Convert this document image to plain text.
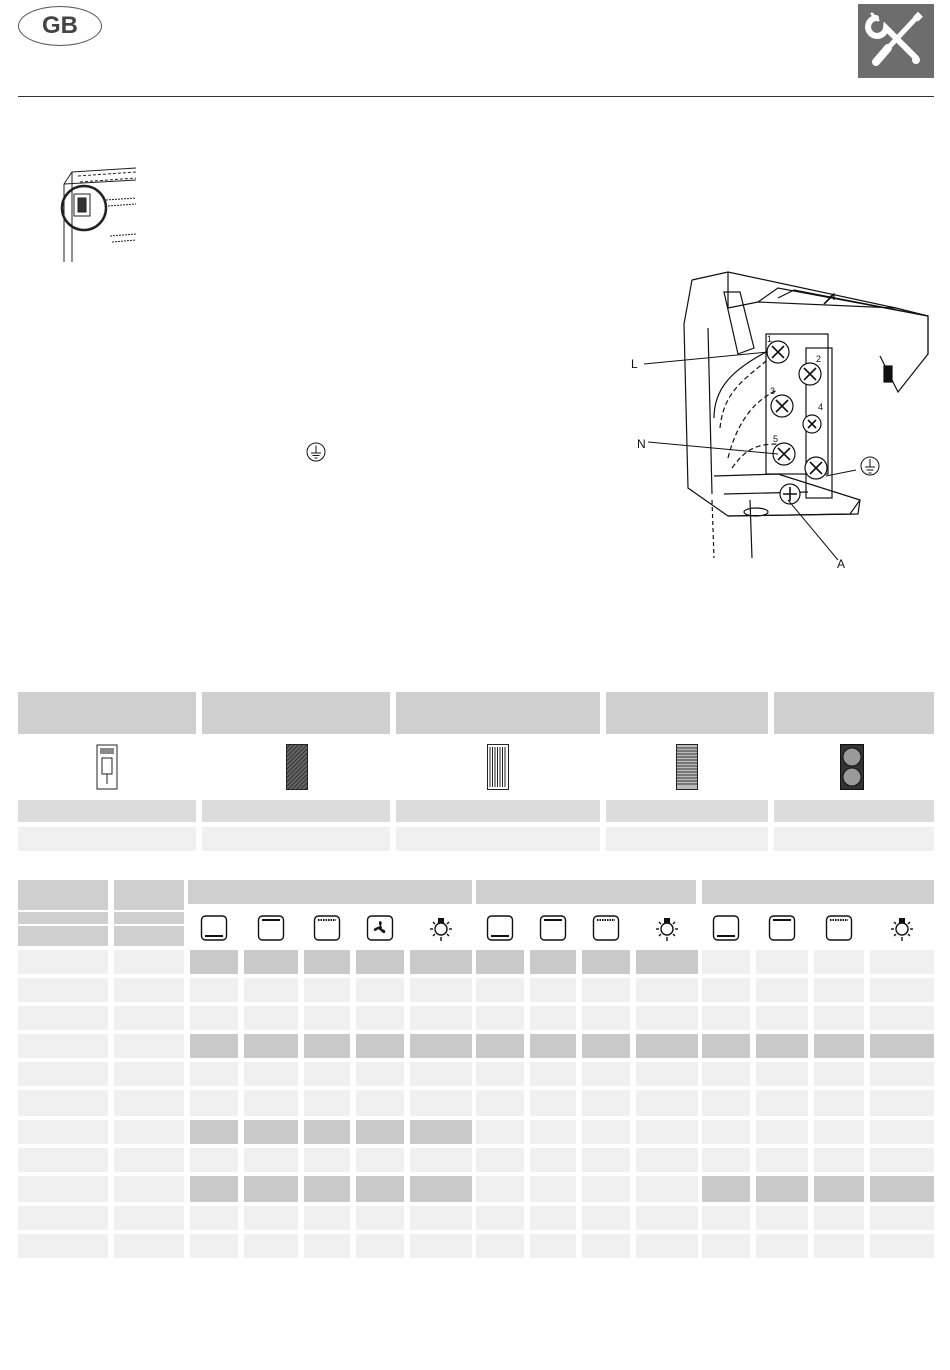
GB
1
2
3
4
5
L
N
A
